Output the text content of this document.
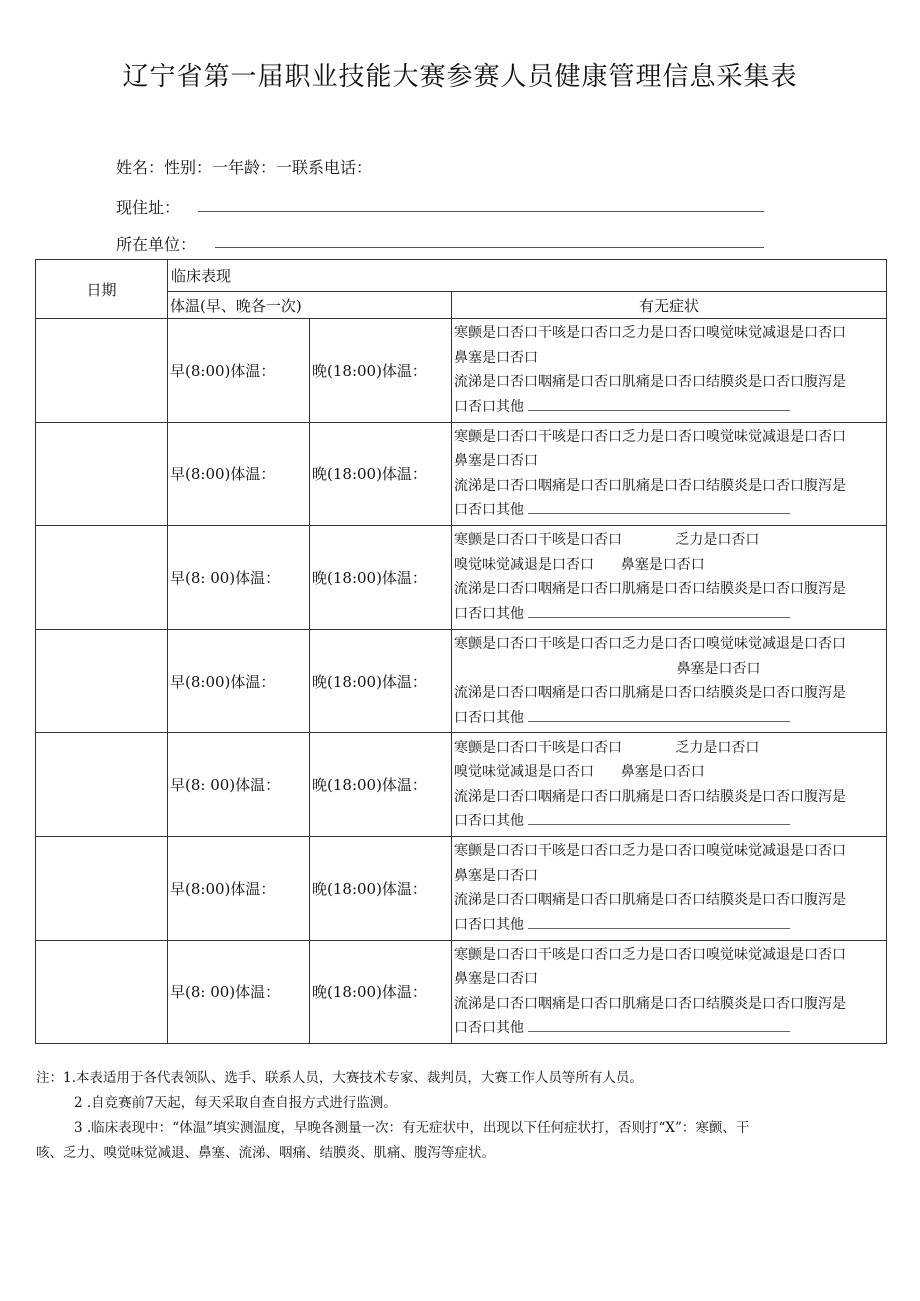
辽宁省第一届职业技能大赛参赛人员健康管理信息采集表
姓名：性别：一年龄：一联系电话：
现住址：
所在单位：
日期	临床表现		
	体温(早、晚各一次)		有无症状
	早(8:00)体温：	晚(18:00)体温：	寒颤是口否口干咳是口否口乏力是口否口嗅觉味觉减退是口否口
鼻塞是口否口
流涕是口否口咽痛是口否口肌痛是口否口结膜炎是口否口腹泻是
口否口其他

	早(8:00)体温：	晚(18:00)体温：	寒颤是口否口干咳是口否口乏力是口否口嗅觉味觉减退是口否口
鼻塞是口否口
流涕是口否口咽痛是口否口肌痛是口否口结膜炎是口否口腹泻是
口否口其他

	早(8: 00)体温：	晚(18:00)体温：	寒颤是口否口干咳是口否口            乏力是口否口
嗅觉味觉减退是口否口      鼻塞是口否口
流涕是口否口咽痛是口否口肌痛是口否口结膜炎是口否口腹泻是
口否口其他

	早(8:00)体温：	晚(18:00)体温：	寒颤是口否口干咳是口否口乏力是口否口嗅觉味觉减退是口否口
鼻塞是口否口
流涕是口否口咽痛是口否口肌痛是口否口结膜炎是口否口腹泻是
口否口其他

	早(8: 00)体温：	晚(18:00)体温：	寒颤是口否口干咳是口否口            乏力是口否口
嗅觉味觉减退是口否口      鼻塞是口否口
流涕是口否口咽痛是口否口肌痛是口否口结膜炎是口否口腹泻是
口否口其他

	早(8:00)体温：	晚(18:00)体温：	寒颤是口否口干咳是口否口乏力是口否口嗅觉味觉减退是口否口
鼻塞是口否口
流涕是口否口咽痛是口否口肌痛是口否口结膜炎是口否口腹泻是
口否口其他

	早(8: 00)体温：	晚(18:00)体温：	寒颤是口否口干咳是口否口乏力是口否口嗅觉味觉减退是口否口
鼻塞是口否口
流涕是口否口咽痛是口否口肌痛是口否口结膜炎是口否口腹泻是
口否口其他
注：1.本表适用于各代表领队、选手、联系人员，大赛技术专家、裁判员，大赛工作人员等所有人员。
2 .自竞赛前7天起，每天采取自查自报方式进行监测。
3 .临床表现中：“体温”填实测温度，早晚各测量一次：有无症状中，出现以下任何症状打，否则打“X”：寒颤、干
咳、乏力、嗅觉味觉减退、鼻塞、流涕、咽痛、结膜炎、肌痛、腹泻等症状。
